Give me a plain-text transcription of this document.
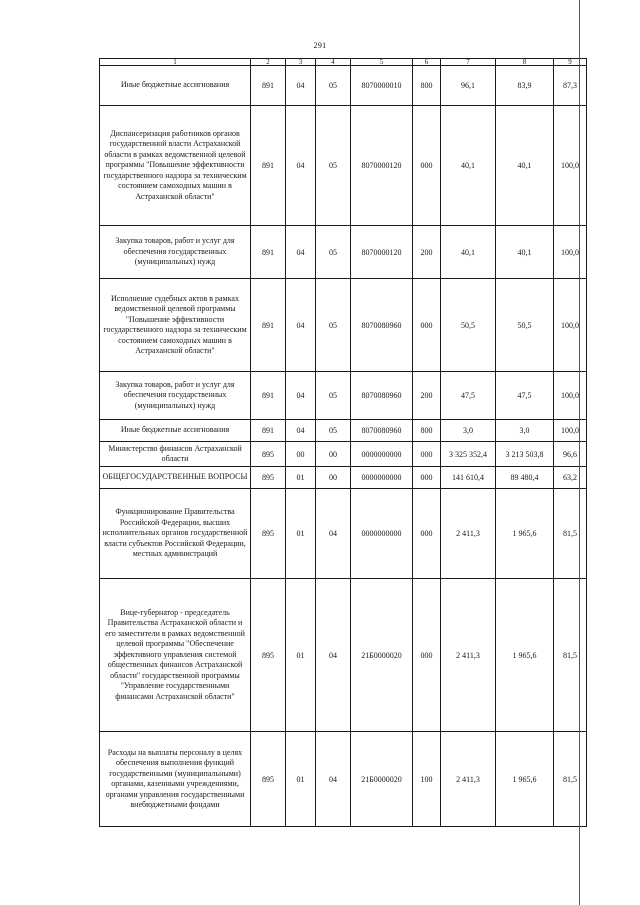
291
1	2	3	4	5	6	7	8	9
Иные бюджетные ассигнования	891	04	05	8070000010	800	96,1	83,9	87,3
Диспансеризация работников органов государственной власти Астраханской области в рамках ведомственной целевой программы "Повышение эффективности государственного надзора за техническим состоянием самоходных машин в Астраханской области"	891	04	05	8070000120	000	40,1	40,1	100,0
Закупка товаров, работ и услуг для обеспечения государственных (муниципальных) нужд	891	04	05	8070000120	200	40,1	40,1	100,0
Исполнение судебных актов в рамках ведомственной целевой программы "Повышение эффективности государственного надзора за техническим состоянием самоходных машин в Астраханской области"	891	04	05	8070080960	000	50,5	50,5	100,0
Закупка товаров, работ и услуг для обеспечения государственных (муниципальных) нужд	891	04	05	8070080960	200	47,5	47,5	100,0
Иные бюджетные ассигнования	891	04	05	8070080960	800	3,0	3,0	100,0
Министерство финансов Астраханской области	895	00	00	0000000000	000	3 325 352,4	3 213 503,8	96,6
ОБЩЕГОСУДАРСТВЕННЫЕ ВОПРОСЫ	895	01	00	0000000000	000	141 610,4	89 480,4	63,2
Функционирование Правительства Российской Федерации, высших исполнительных органов государственной власти субъектов Российской Федерации, местных администраций	895	01	04	0000000000	000	2 411,3	1 965,6	81,5
Вице-губернатор - председатель Правительства Астраханской области и его заместители в рамках ведомственной целевой программы "Обеспечение эффективного управления системой общественных финансов Астраханской области" государственной программы "Управление государственными финансами Астраханской области"	895	01	04	21Б0000020	000	2 411,3	1 965,6	81,5
Расходы на выплаты персоналу в целях обеспечения выполнения функций государственными (муниципальными) органами, казенными учреждениями, органами управления государственными внебюджетными фондами	895	01	04	21Б0000020	100	2 411,3	1 965,6	81,5
